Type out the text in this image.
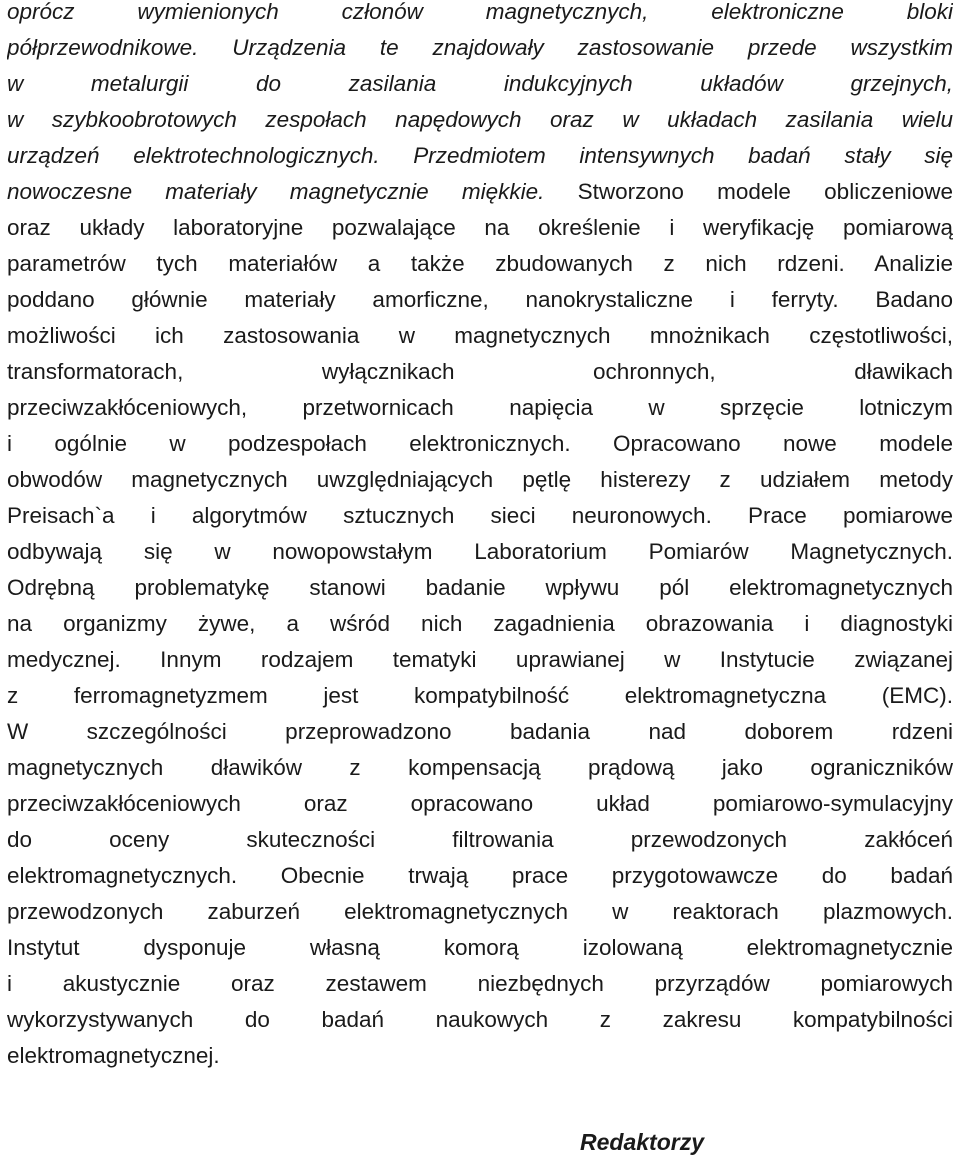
oprócz wymienionych członów magnetycznych, elektroniczne bloki
półprzewodnikowe. Urządzenia te znajdowały zastosowanie przede wszystkim
w metalurgii do zasilania indukcyjnych układów grzejnych,
w szybkoobrotowych zespołach napędowych oraz w układach zasilania wielu
urządzeń elektrotechnologicznych. Przedmiotem intensywnych badań stały się
nowoczesne materiały magnetycznie miękkie. Stworzono modele obliczeniowe
oraz układy laboratoryjne pozwalające na określenie i weryfikację pomiarową
parametrów tych materiałów a także zbudowanych z nich rdzeni. Analizie
poddano głównie materiały amorficzne, nanokrystaliczne i ferryty. Badano
możliwości ich zastosowania w magnetycznych mnożnikach częstotliwości,
transformatorach, wyłącznikach ochronnych, dławikach
przeciwzakłóceniowych, przetwornicach napięcia w sprzęcie lotniczym
i ogólnie w podzespołach elektronicznych. Opracowano nowe modele
obwodów magnetycznych uwzględniających pętlę histerezy z udziałem metody
Preisach`a i algorytmów sztucznych sieci neuronowych. Prace pomiarowe
odbywają się w nowopowstałym Laboratorium Pomiarów Magnetycznych.
Odrębną problematykę stanowi badanie wpływu pól elektromagnetycznych
na organizmy żywe, a wśród nich zagadnienia obrazowania i diagnostyki
medycznej. Innym rodzajem tematyki uprawianej w Instytucie związanej
z ferromagnetyzmem jest kompatybilność elektromagnetyczna (EMC).
W szczególności przeprowadzono badania nad doborem rdzeni
magnetycznych dławików z kompensacją prądową jako ograniczników
przeciwzakłóceniowych oraz opracowano układ pomiarowo-symulacyjny
do oceny skuteczności filtrowania przewodzonych zakłóceń
elektromagnetycznych. Obecnie trwają prace przygotowawcze do badań
przewodzonych zaburzeń elektromagnetycznych w reaktorach plazmowych.
Instytut dysponuje własną komorą izolowaną elektromagnetycznie
i akustycznie oraz zestawem niezbędnych przyrządów pomiarowych
wykorzystywanych do badań naukowych z zakresu kompatybilności
elektromagnetycznej.
Redaktorzy
